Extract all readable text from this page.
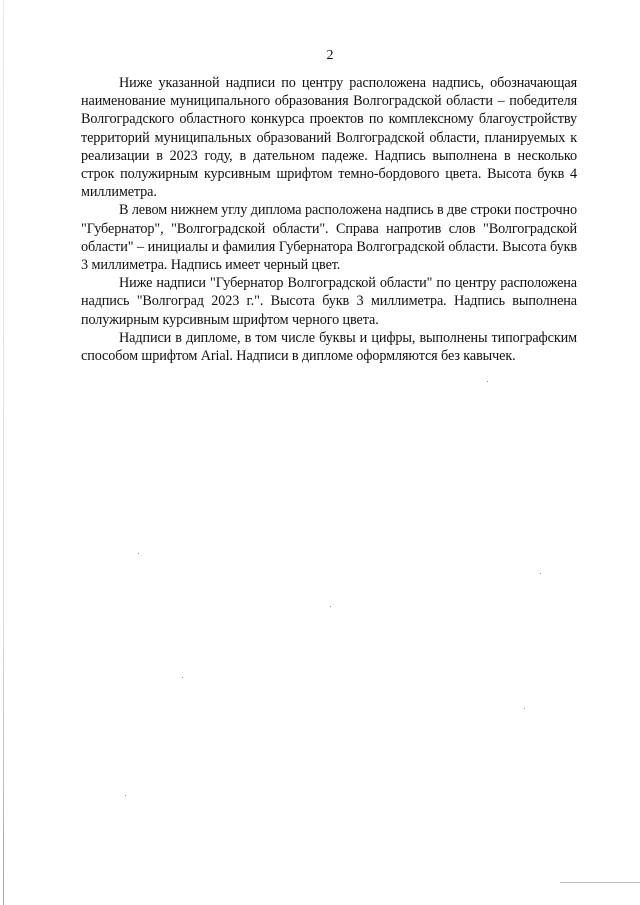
2

Ниже указанной надписи по центру расположена надпись, обозначающая наименование муниципального образования Волгоградской области – победителя Волгоградского областного конкурса проектов по комплексному благоустройству территорий муниципальных образований Волгоградской области, планируемых к реализации в 2023 году, в дательном падеже. Надпись выполнена в несколько строк полужирным курсивным шрифтом темно-бордового цвета. Высота букв 4 миллиметра.

В левом нижнем углу диплома расположена надпись в две строки построчно "Губернатор", "Волгоградской области". Справа напротив слов "Волгоградской области" – инициалы и фамилия Губернатора Волгоградской области. Высота букв 3 миллиметра. Надпись имеет черный цвет.

Ниже надписи "Губернатор Волгоградской области" по центру расположена надпись "Волгоград 2023 г.". Высота букв 3 миллиметра. Надпись выполнена полужирным курсивным шрифтом черного цвета.

Надписи в дипломе, в том числе буквы и цифры, выполнены типографским способом шрифтом Arial. Надписи в дипломе оформляются без кавычек.
